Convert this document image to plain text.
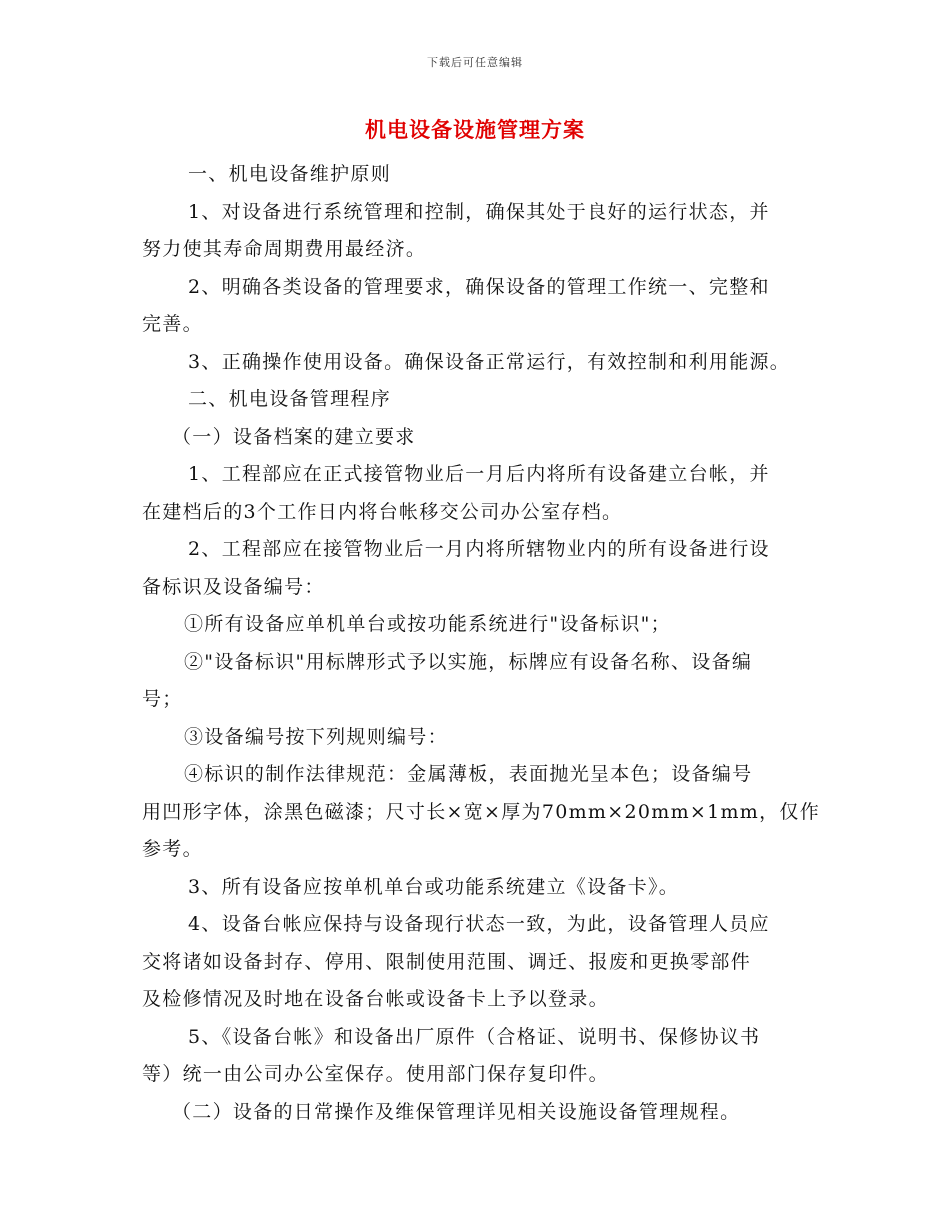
下载后可任意编辑
机电设备设施管理方案
一、机电设备维护原则
1、对设备进行系统管理和控制，确保其处于良好的运行状态，并
努力使其寿命周期费用最经济。
2、明确各类设备的管理要求，确保设备的管理工作统一、完整和
完善。
3、正确操作使用设备。确保设备正常运行，有效控制和利用能源。
二、机电设备管理程序
（一）设备档案的建立要求
1、工程部应在正式接管物业后一月后内将所有设备建立台帐，并
在建档后的3个工作日内将台帐移交公司办公室存档。
2、工程部应在接管物业后一月内将所辖物业内的所有设备进行设
备标识及设备编号：
①所有设备应单机单台或按功能系统进行"设备标识"；
②"设备标识"用标牌形式予以实施，标牌应有设备名称、设备编
号；
③设备编号按下列规则编号：
④标识的制作法律规范：金属薄板，表面抛光呈本色；设备编号
用凹形字体，涂黑色磁漆；尺寸长×宽×厚为70mm×20mm×1mm，仅作
参考。
3、所有设备应按单机单台或功能系统建立《设备卡》。
4、设备台帐应保持与设备现行状态一致，为此，设备管理人员应
交将诸如设备封存、停用、限制使用范围、调迁、报废和更换零部件
及检修情况及时地在设备台帐或设备卡上予以登录。
5、《设备台帐》和设备出厂原件（合格证、说明书、保修协议书
等）统一由公司办公室保存。使用部门保存复印件。
（二）设备的日常操作及维保管理详见相关设施设备管理规程。
